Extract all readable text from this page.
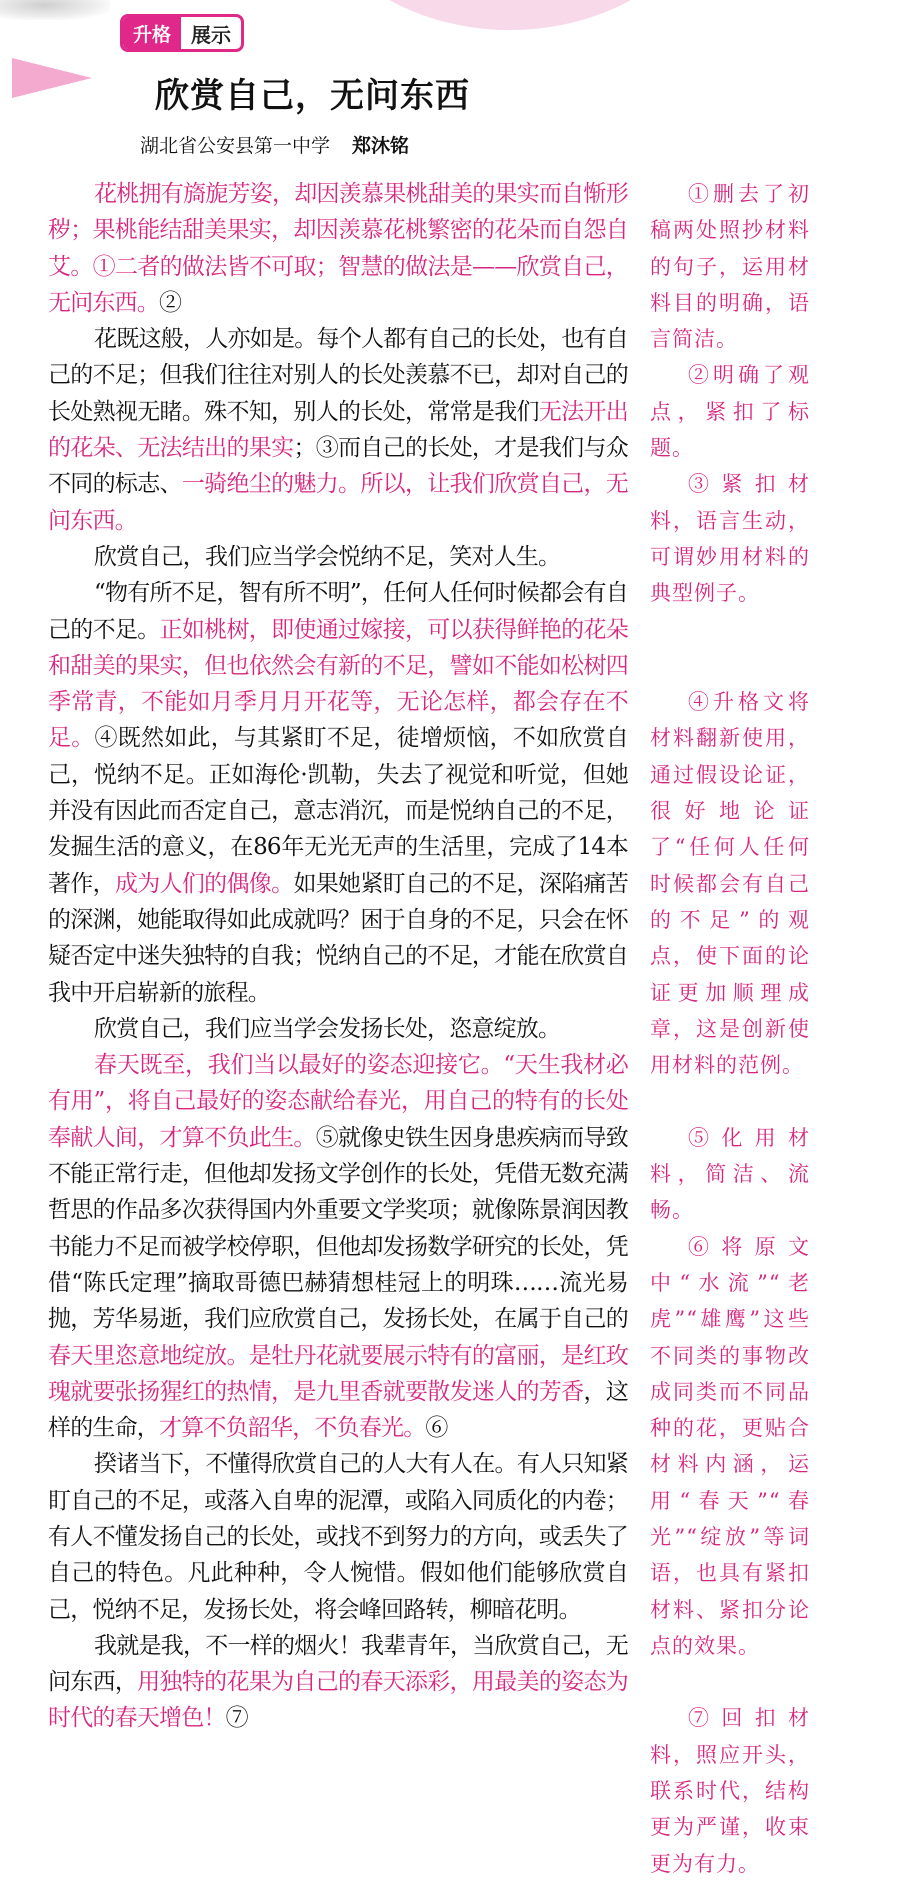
升格	展示
欣赏自己，无问东西
湖北省公安县第一中学 郑沐铭

花桃拥有旖旎芳姿，却因羡慕果桃甜美的果实而自惭形秽；果桃能结甜美果实，却因羡慕花桃繁密的花朵而自怨自艾。①二者的做法皆不可取；智慧的做法是——欣赏自己，无问东西。②

花既这般，人亦如是。每个人都有自己的长处，也有自己的不足；但我们往往对别人的长处羡慕不已，却对自己的长处熟视无睹。殊不知，别人的长处，常常是我们无法开出的花朵、无法结出的果实；③而自己的长处，才是我们与众不同的标志、一骑绝尘的魅力。所以，让我们欣赏自己，无问东西。

欣赏自己，我们应当学会悦纳不足，笑对人生。

“物有所不足，智有所不明”，任何人任何时候都会有自己的不足。正如桃树，即使通过嫁接，可以获得鲜艳的花朵和甜美的果实，但也依然会有新的不足，譬如不能如松树四季常青，不能如月季月月开花等，无论怎样，都会存在不足。④既然如此，与其紧盯不足，徒增烦恼，不如欣赏自己，悦纳不足。正如海伦·凯勒，失去了视觉和听觉，但她并没有因此而否定自己，意志消沉，而是悦纳自己的不足，发掘生活的意义，在86年无光无声的生活里，完成了14本著作，成为人们的偶像。如果她紧盯自己的不足，深陷痛苦的深渊，她能取得如此成就吗？困于自身的不足，只会在怀疑否定中迷失独特的自我；悦纳自己的不足，才能在欣赏自我中开启崭新的旅程。

欣赏自己，我们应当学会发扬长处，恣意绽放。

春天既至，我们当以最好的姿态迎接它。“天生我材必有用”，将自己最好的姿态献给春光，用自己的特有的长处奉献人间，才算不负此生。⑤就像史铁生因身患疾病而导致不能正常行走，但他却发扬文学创作的长处，凭借无数充满哲思的作品多次获得国内外重要文学奖项；就像陈景润因教书能力不足而被学校停职，但他却发扬数学研究的长处，凭借“陈氏定理”摘取哥德巴赫猜想桂冠上的明珠……流光易抛，芳华易逝，我们应欣赏自己，发扬长处，在属于自己的春天里恣意地绽放。是牡丹花就要展示特有的富丽，是红玫瑰就要张扬猩红的热情，是九里香就要散发迷人的芳香，这样的生命，才算不负韶华，不负春光。⑥

揆诸当下，不懂得欣赏自己的人大有人在。有人只知紧盯自己的不足，或落入自卑的泥潭，或陷入同质化的内卷；有人不懂发扬自己的长处，或找不到努力的方向，或丢失了自己的特色。凡此种种，令人惋惜。假如他们能够欣赏自己，悦纳不足，发扬长处，将会峰回路转，柳暗花明。

我就是我，不一样的烟火！我辈青年，当欣赏自己，无问东西，用独特的花果为自己的春天添彩，用最美的姿态为时代的春天增色！⑦

①删去了初稿两处照抄材料的句子，运用材料目的明确，语言简洁。
②明确了观点，紧扣了标题。
③紧扣材料，语言生动，可谓妙用材料的典型例子。
④升格文将材料翻新使用，通过假设论证，很好地论证了“任何人任何时候都会有自己的不足”的观点，使下面的论证更加顺理成章，这是创新使用材料的范例。
⑤化用材料，简洁、流畅。
⑥将原文中“水流”“老虎”“雄鹰”这些不同类的事物改成同类而不同品种的花，更贴合材料内涵，运用“春天”“春光”“绽放”等词语，也具有紧扣材料、紧扣分论点的效果。
⑦回扣材料，照应开头，联系时代，结构更为严谨，收束更为有力。
